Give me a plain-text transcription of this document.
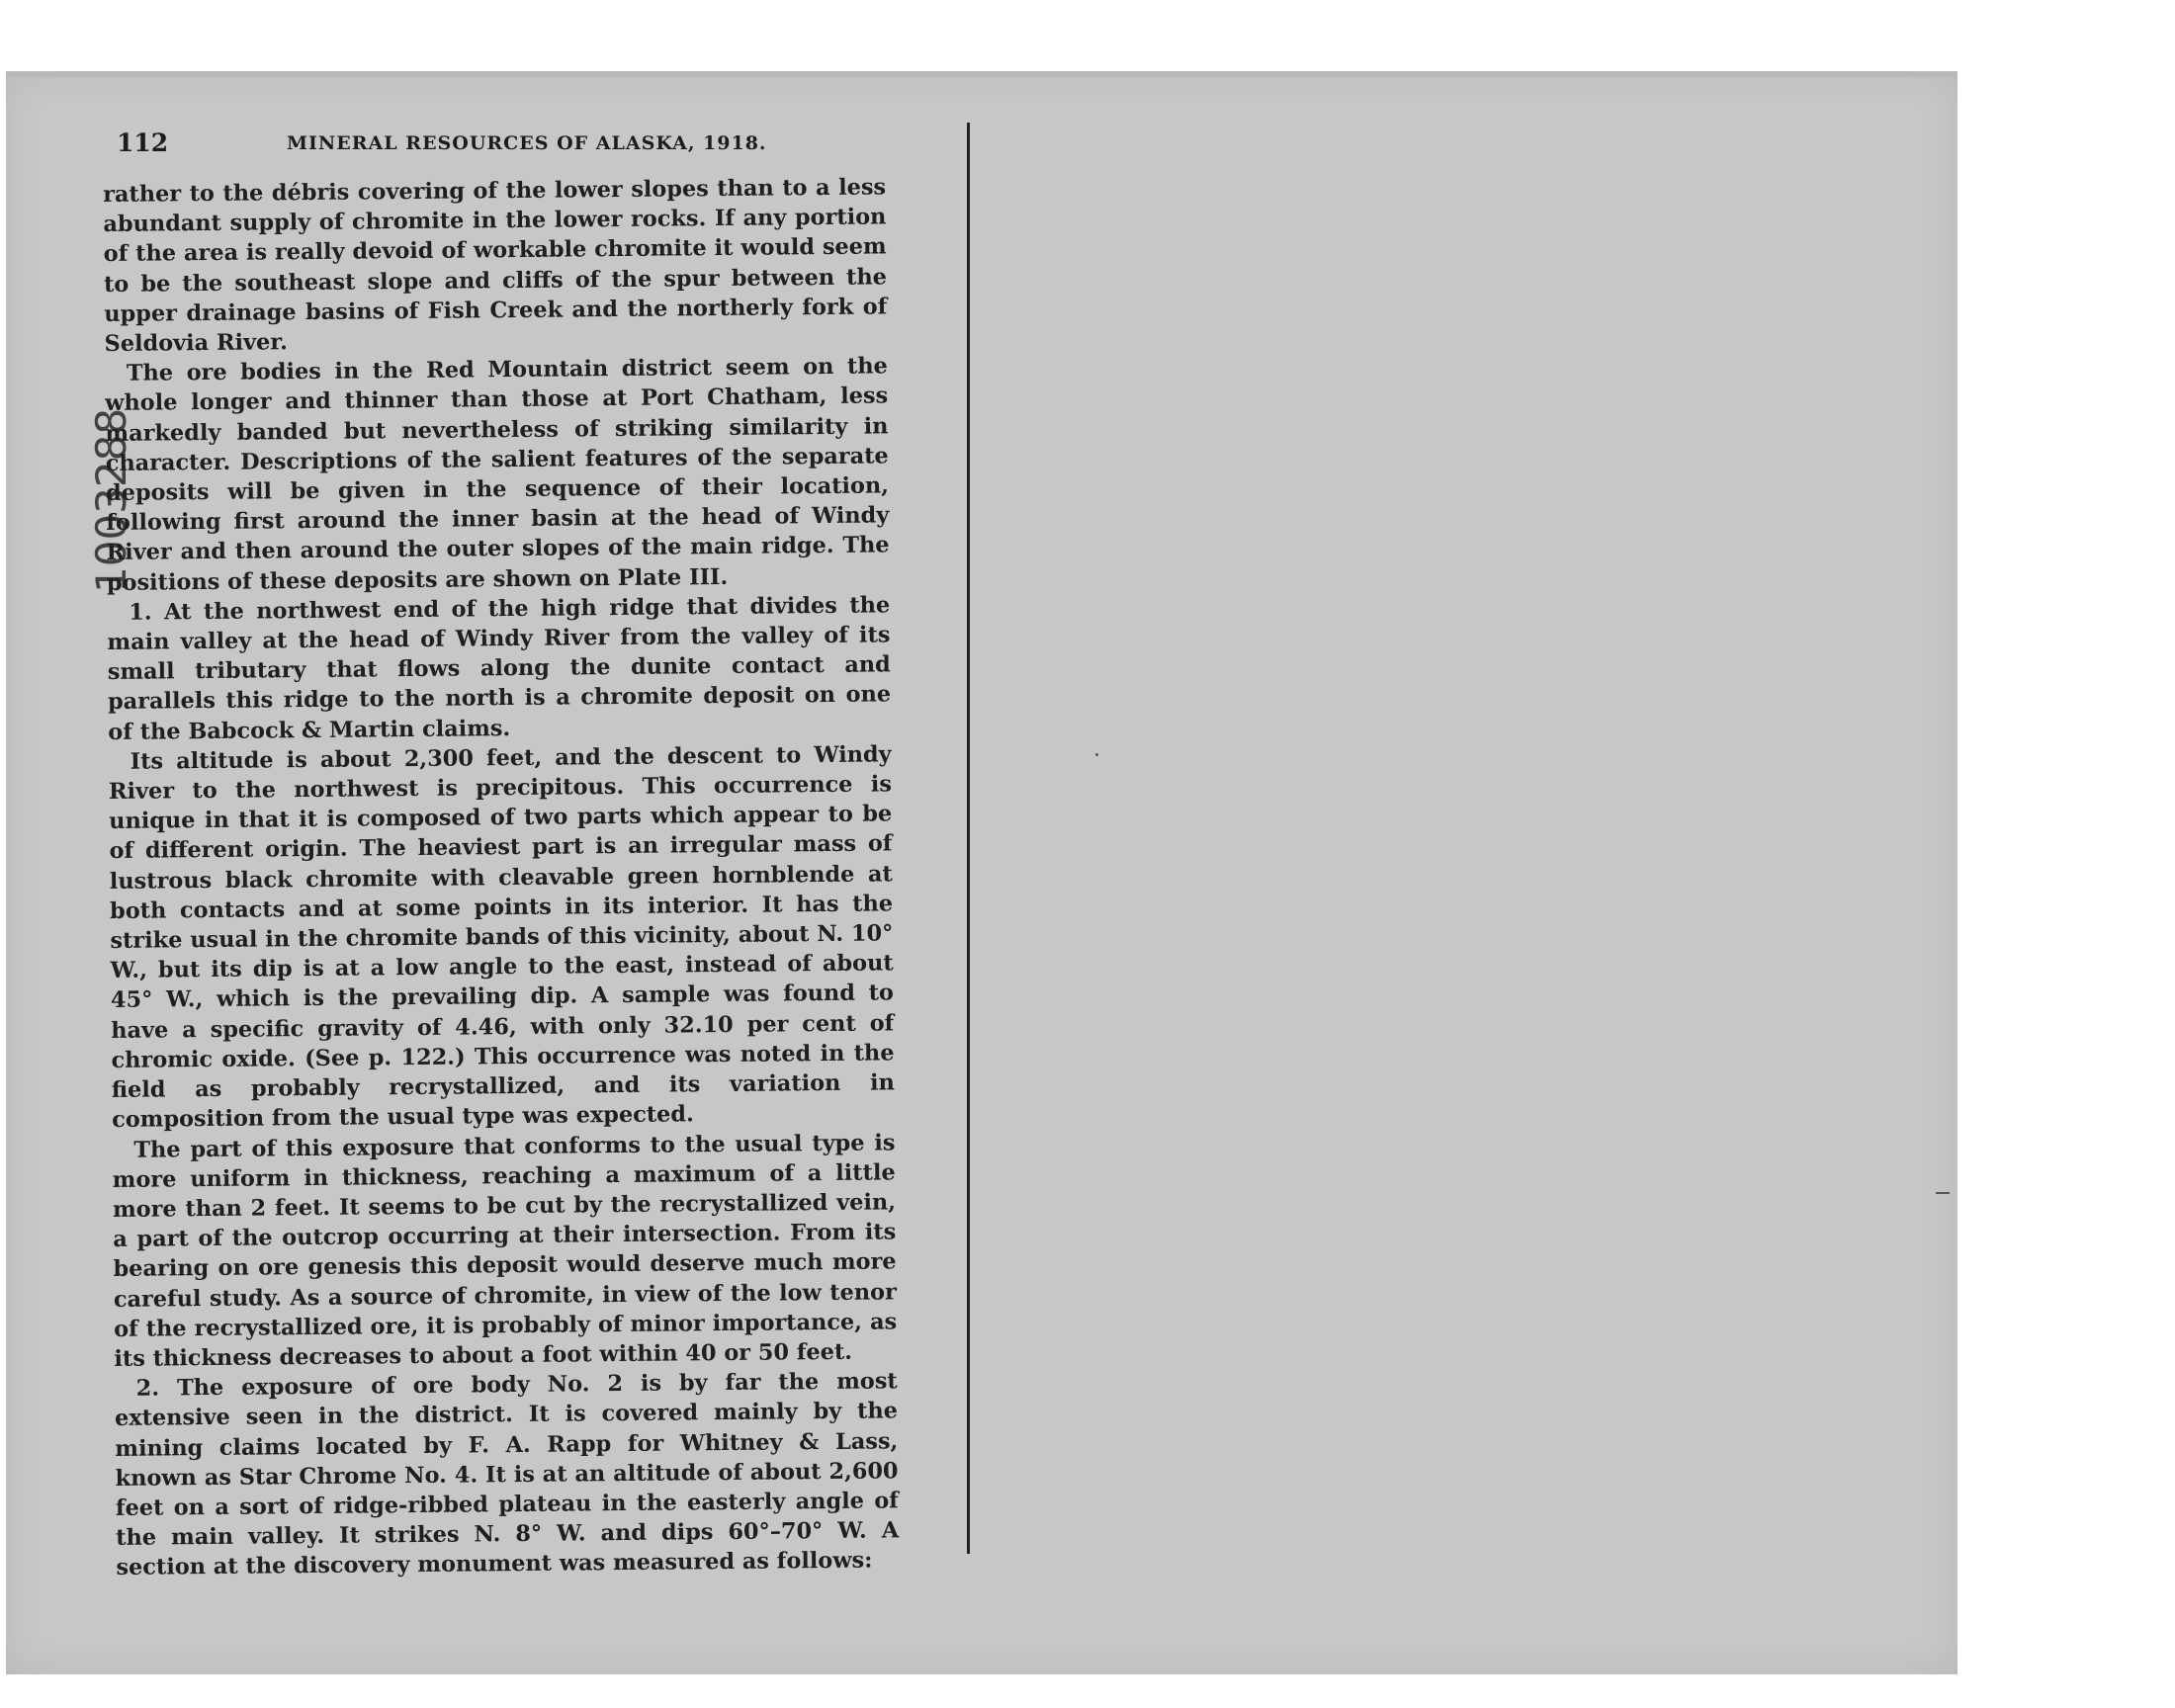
112	MINERAL RESOURCES OF ALASKA, 1918.
1003288

rather to the débris covering of the lower slopes than to a less abundant supply of chromite in the lower rocks. If any portion of the area is really devoid of workable chromite it would seem to be the southeast slope and cliffs of the spur between the upper drainage basins of Fish Creek and the northerly fork of Seldovia River.

The ore bodies in the Red Mountain district seem on the whole longer and thinner than those at Port Chatham, less markedly banded but nevertheless of striking similarity in character. Descriptions of the salient features of the separate deposits will be given in the sequence of their location, following first around the inner basin at the head of Windy River and then around the outer slopes of the main ridge. The positions of these deposits are shown on Plate III.

1. At the northwest end of the high ridge that divides the main valley at the head of Windy River from the valley of its small tributary that flows along the dunite contact and parallels this ridge to the north is a chromite deposit on one of the Babcock & Martin claims.

Its altitude is about 2,300 feet, and the descent to Windy River to the northwest is precipitous. This occurrence is unique in that it is composed of two parts which appear to be of different origin. The heaviest part is an irregular mass of lustrous black chromite with cleavable green hornblende at both contacts and at some points in its interior. It has the strike usual in the chromite bands of this vicinity, about N. 10° W., but its dip is at a low angle to the east, instead of about 45° W., which is the prevailing dip. A sample was found to have a specific gravity of 4.46, with only 32.10 per cent of chromic oxide. (See p. 122.) This occurrence was noted in the field as probably recrystallized, and its variation in composition from the usual type was expected.

The part of this exposure that conforms to the usual type is more uniform in thickness, reaching a maximum of a little more than 2 feet. It seems to be cut by the recrystallized vein, a part of the outcrop occurring at their intersection. From its bearing on ore genesis this deposit would deserve much more careful study. As a source of chromite, in view of the low tenor of the recrystallized ore, it is probably of minor importance, as its thickness decreases to about a foot within 40 or 50 feet.

2. The exposure of ore body No. 2 is by far the most extensive seen in the district. It is covered mainly by the mining claims located by F. A. Rapp for Whitney & Lass, known as Star Chrome No. 4. It is at an altitude of about 2,600 feet on a sort of ridge-ribbed plateau in the easterly angle of the main valley. It strikes N. 8° W. and dips 60°–70° W. A section at the discovery monument was measured as follows:
